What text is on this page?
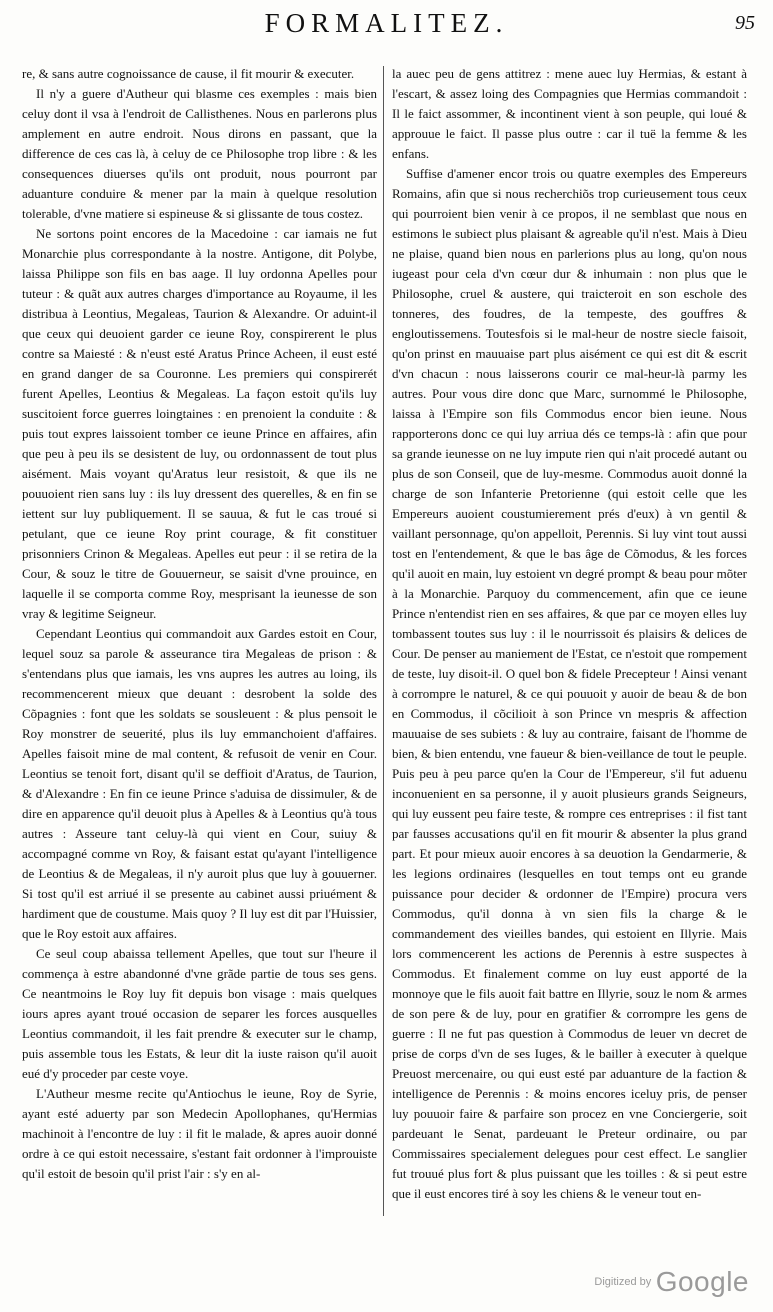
FORMALITEZ.	95

re, & sans autre cognoissance de cause, il fit mourir & executer.

Il n'y a guere d'Autheur qui blasme ces exemples : mais bien celuy dont il vsa à l'endroit de Callisthenes. Nous en parlerons plus amplement en autre endroit. Nous dirons en passant, que la difference de ces cas là, à celuy de ce Philosophe trop libre : & les consequences diuerses qu'ils ont produit, nous pourront par aduanture conduire & mener par la main à quelque resolution tolerable, d'vne matiere si espineuse & si glissante de tous costez.

Ne sortons point encores de la Macedoine : car iamais ne fut Monarchie plus correspondante à la nostre. Antigone, dit Polybe, laissa Philippe son fils en bas aage. Il luy ordonna Apelles pour tuteur : & quãt aux autres charges d'importance au Royaume, il les distribua à Leontius, Megaleas, Taurion & Alexandre. Or aduint-il que ceux qui deuoient garder ce ieune Roy, conspirerent le plus contre sa Maiesté : & n'eust esté Aratus Prince Acheen, il eust esté en grand danger de sa Couronne. Les premiers qui conspirerét furent Apelles, Leontius & Megaleas. La façon estoit qu'ils luy suscitoient force guerres loingtaines : en prenoient la conduite : & puis tout expres laissoient tomber ce ieune Prince en affaires, afin que peu à peu ils se desistent de luy, ou ordonnassent de tout plus aisément. Mais voyant qu'Aratus leur resistoit, & que ils ne pouuoient rien sans luy : ils luy dressent des querelles, & en fin se iettent sur luy publiquement. Il se sauua, & fut le cas troué si petulant, que ce ieune Roy print courage, & fit constituer prisonniers Crinon & Megaleas. Apelles eut peur : il se retira de la Cour, & souz le titre de Gouuerneur, se saisit d'vne prouince, en laquelle il se comporta comme Roy, mesprisant la ieunesse de son vray & legitime Seigneur.

Cependant Leontius qui commandoit aux Gardes estoit en Cour, lequel souz sa parole & asseurance tira Megaleas de prison : & s'entendans plus que iamais, les vns aupres les autres au loing, ils recommencerent mieux que deuant : desrobent la solde des Cõpagnies : font que les soldats se sousleuent : & plus pensoit le Roy monstrer de seuerité, plus ils luy emmanchoient d'affaires. Apelles faisoit mine de mal content, & refusoit de venir en Cour. Leontius se tenoit fort, disant qu'il se deffioit d'Aratus, de Taurion, & d'Alexandre : En fin ce ieune Prince s'aduisa de dissimuler, & de dire en apparence qu'il deuoit plus à Apelles & à Leontius qu'à tous autres : Asseure tant celuy-là qui vient en Cour, suiuy & accompagné comme vn Roy, & faisant estat qu'ayant l'intelligence de Leontius & de Megaleas, il n'y auroit plus que luy à gouuerner. Si tost qu'il est arriué il se presente au cabinet aussi priuément & hardiment que de coustume. Mais quoy ? Il luy est dit par l'Huissier, que le Roy estoit aux affaires.

Ce seul coup abaissa tellement Apelles, que tout sur l'heure il commença à estre abandonné d'vne grãde partie de tous ses gens. Ce neantmoins le Roy luy fit depuis bon visage : mais quelques iours apres ayant troué occasion de separer les forces ausquelles Leontius commandoit, il les fait prendre & executer sur le champ, puis assemble tous les Estats, & leur dit la iuste raison qu'il auoit eué d'y proceder par ceste voye.

L'Autheur mesme recite qu'Antiochus le ieune, Roy de Syrie, ayant esté aduerty par son Medecin Apollophanes, qu'Hermias machinoit à l'encontre de luy : il fit le malade, & apres auoir donné ordre à ce qui estoit necessaire, s'estant fait ordonner à l'improuiste qu'il estoit de besoin qu'il prist l'air : s'y en al-

la auec peu de gens attitrez : mene auec luy Hermias, & estant à l'escart, & assez loing des Compagnies que Hermias commandoit : Il le faict assommer, & incontinent vient à son peuple, qui loué & approuue le faict. Il passe plus outre : car il tuë la femme & les enfans.

Suffise d'amener encor trois ou quatre exemples des Empereurs Romains, afin que si nous recherchiõs trop curieusement tous ceux qui pourroient bien venir à ce propos, il ne semblast que nous en estimons le subiect plus plaisant & agreable qu'il n'est. Mais à Dieu ne plaise, quand bien nous en parlerions plus au long, qu'on nous iugeast pour cela d'vn cœur dur & inhumain : non plus que le Philosophe, cruel & austere, qui traicteroit en son eschole des tonneres, des foudres, de la tempeste, des gouffres & engloutissemens. Toutesfois si le mal-heur de nostre siecle faisoit, qu'on prinst en mauuaise part plus aisément ce qui est dit & escrit d'vn chacun : nous laisserons courir ce mal-heur-là parmy les autres. Pour vous dire donc que Marc, surnommé le Philosophe, laissa à l'Empire son fils Commodus encor bien ieune. Nous rapporterons donc ce qui luy arriua dés ce temps-là : afin que pour sa grande ieunesse on ne luy impute rien qui n'ait procedé autant ou plus de son Conseil, que de luy-mesme. Commodus auoit donné la charge de son Infanterie Pretorienne (qui estoit celle que les Empereurs auoient coustumierement prés d'eux) à vn gentil & vaillant personnage, qu'on appelloit, Perennis. Si luy vint tout aussi tost en l'entendement, & que le bas âge de Cõmodus, & les forces qu'il auoit en main, luy estoient vn degré prompt & beau pour mõter à la Monarchie. Parquoy du commencement, afin que ce ieune Prince n'entendist rien en ses affaires, & que par ce moyen elles luy tombassent toutes sus luy : il le nourrissoit és plaisirs & delices de Cour. De penser au maniement de l'Estat, ce n'estoit que rompement de teste, luy disoit-il. O quel bon & fidele Precepteur ! Ainsi venant à corrompre le naturel, & ce qui pouuoit y auoir de beau & de bon en Commodus, il cõcilioit à son Prince vn mespris & affection mauuaise de ses subiets : & luy au contraire, faisant de l'homme de bien, & bien entendu, vne faueur & bien-veillance de tout le peuple. Puis peu à peu parce qu'en la Cour de l'Empereur, s'il fut aduenu inconuenient en sa personne, il y auoit plusieurs grands Seigneurs, qui luy eussent peu faire teste, & rompre ces entreprises : il fist tant par fausses accusations qu'il en fit mourir & absenter la plus grand part. Et pour mieux auoir encores à sa deuotion la Gendarmerie, & les legions ordinaires (lesquelles en tout temps ont eu grande puissance pour decider & ordonner de l'Empire) procura vers Commodus, qu'il donna à vn sien fils la charge & le commandement des vieilles bandes, qui estoient en Illyrie. Mais lors commencerent les actions de Perennis à estre suspectes à Commodus. Et finalement comme on luy eust apporté de la monnoye que le fils auoit fait battre en Illyrie, souz le nom & armes de son pere & de luy, pour en gratifier & corrompre les gens de guerre : Il ne fut pas question à Commodus de leuer vn decret de prise de corps d'vn de ses Iuges, & le bailler à executer à quelque Preuost mercenaire, ou qui eust esté par aduanture de la faction & intelligence de Perennis : & moins encores iceluy pris, de penser luy pouuoir faire & parfaire son procez en vne Conciergerie, soit pardeuant le Senat, pardeuant le Preteur ordinaire, ou par Commissaires specialement delegues pour cest effect. Le sanglier fut trouué plus fort & plus puissant que les toilles : & si peut estre que il eust encores tiré à soy les chiens & le veneur tout en-

Digitized by Google
